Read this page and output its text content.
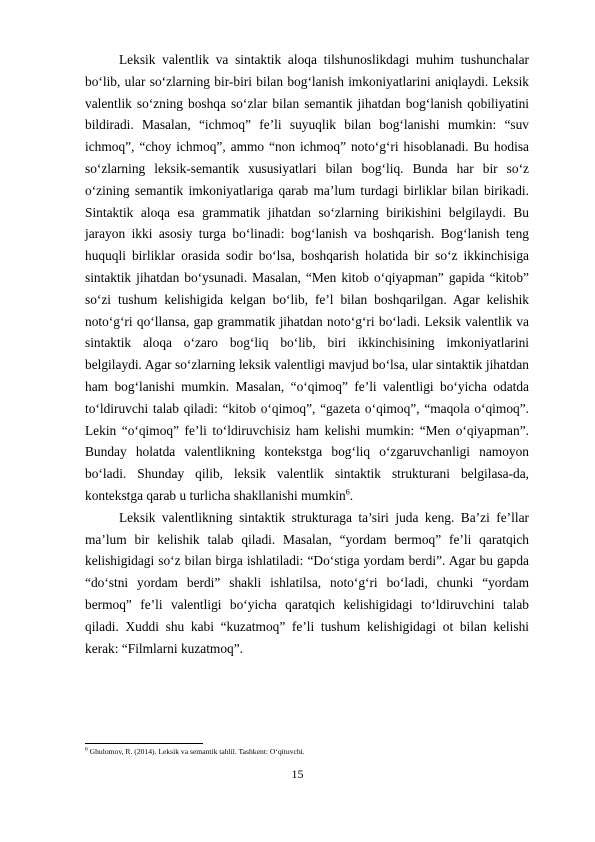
Leksik valentlik va sintaktik aloqa tilshunoslikdagi muhim tushunchalar bo‘lib, ular so‘zlarning bir-biri bilan bog‘lanish imkoniyatlarini aniqlaydi. Leksik valentlik so‘zning boshqa so‘zlar bilan semantik jihatdan bog‘lanish qobiliyatini bildiradi. Masalan, “ichmoq” fe’li suyuqlik bilan bog‘lanishi mumkin: “suv ichmoq”, “choy ichmoq”, ammo “non ichmoq” noto‘g‘ri hisoblanadi. Bu hodisa so‘zlarning leksik-semantik xususiyatlari bilan bog‘liq. Bunda har bir so‘z o‘zining semantik imkoniyatlariga qarab ma’lum turdagi birliklar bilan birikadi. Sintaktik aloqa esa grammatik jihatdan so‘zlarning birikishini belgilaydi. Bu jarayon ikki asosiy turga bo‘linadi: bog‘lanish va boshqarish. Bog‘lanish teng huquqli birliklar orasida sodir bo‘lsa, boshqarish holatida bir so‘z ikkinchisiga sintaktik jihatdan bo‘ysunadi. Masalan, “Men kitob o‘qiyapman” gapida “kitob” so‘zi tushum kelishigida kelgan bo‘lib, fe’l bilan boshqarilgan. Agar kelishik noto‘g‘ri qo‘llansa, gap grammatik jihatdan noto‘g‘ri bo‘ladi. Leksik valentlik va sintaktik aloqa o‘zaro bog‘liq bo‘lib, biri ikkinchisining imkoniyatlarini belgilaydi. Agar so‘zlarning leksik valentligi mavjud bo‘lsa, ular sintaktik jihatdan ham bog‘lanishi mumkin. Masalan, “o‘qimoq” fe’li valentligi bo‘yicha odatda to‘ldiruvchi talab qiladi: “kitob o‘qimoq”, “gazeta o‘qimoq”, “maqola o‘qimoq”. Lekin “o‘qimoq” fe’li to‘ldiruvchisiz ham kelishi mumkin: “Men o‘qiyapman”. Bunday holatda valentlikning kontekstga bog‘liq o‘zgaruvchanligi namoyon bo‘ladi. Shunday qilib, leksik valentlik sintaktik strukturani belgilasa-da, kontekstga qarab u turlicha shakllanishi mumkin$^6$.

Leksik valentlikning sintaktik strukturaga ta’siri juda keng. Ba’zi fe’llar ma’lum bir kelishik talab qiladi. Masalan, “yordam bermoq” fe’li qaratqich kelishigidagi so‘z bilan birga ishlatiladi: “Do‘stiga yordam berdi”. Agar bu gapda “do‘stni yordam berdi” shakli ishlatilsa, noto‘g‘ri bo‘ladi, chunki “yordam bermoq” fe’li valentligi bo‘yicha qaratqich kelishigidagi to‘ldiruvchini talab qiladi. Xuddi shu kabi “kuzatmoq” fe’li tushum kelishigidagi ot bilan kelishi kerak: “Filmlarni kuzatmoq”.

$^6$ Ghulomov, R. (2014). Leksik va semantik tahlil. Tashkent: O‘qituvchi.
15
